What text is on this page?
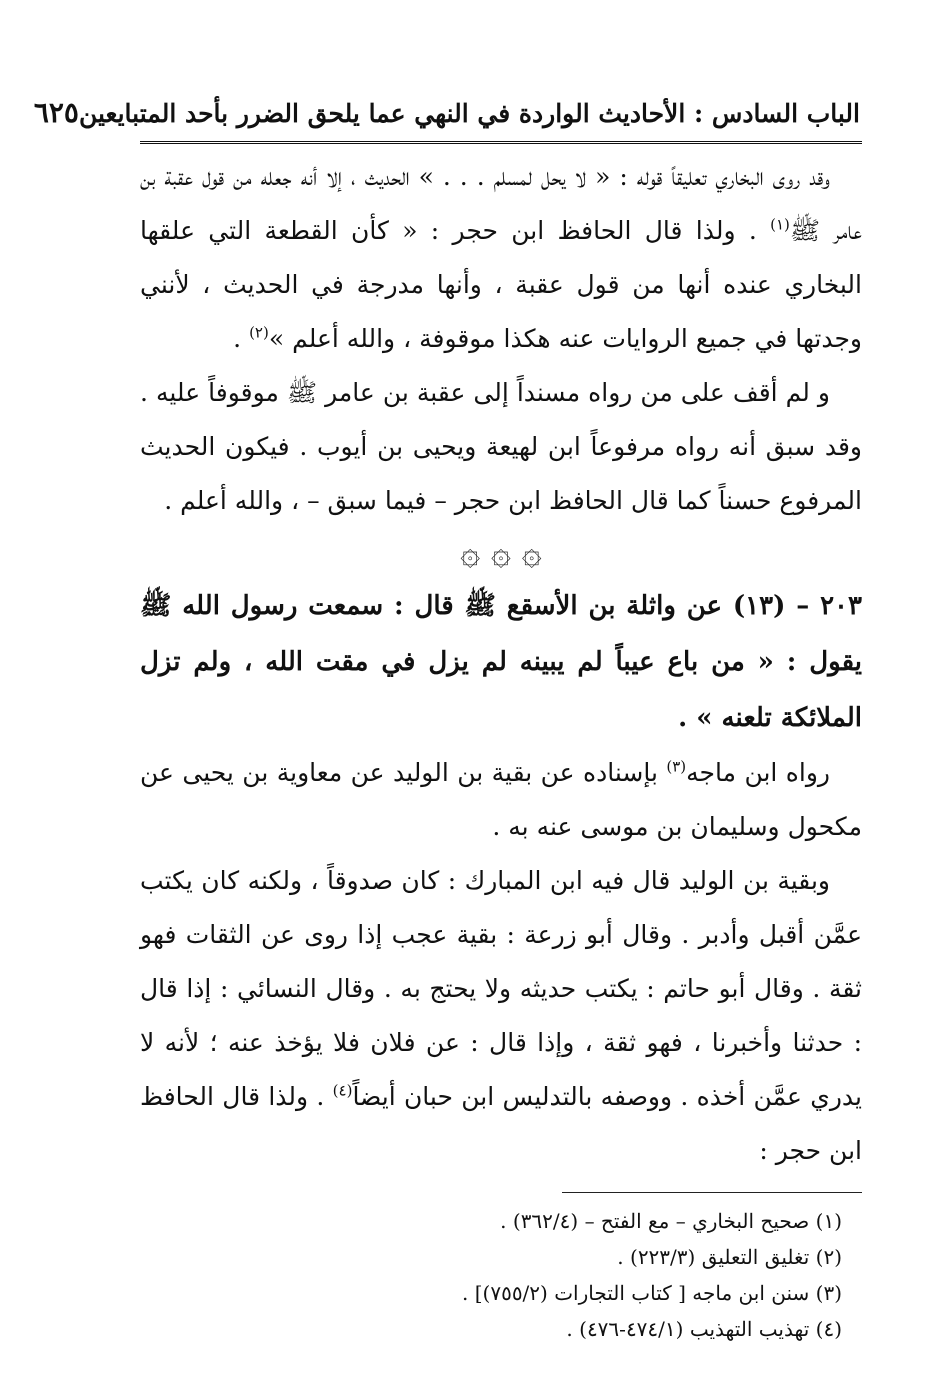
الباب السادس : الأحاديث الواردة في النهي عما يلحق الضرر بأحد المتبايعين
٦٢٥

وقد روى البخاري تعليقاً قوله : « لا يحل لمسلم . . . » الحديث ، إلا أنه جعله من قول عقبة بن عامر ﷺ$^{(١)}$ . ولذا قال الحافظ ابن حجر : « كأن القطعة التي علقها البخاري عنده أنها من قول عقبة ، وأنها مدرجة في الحديث ، لأنني وجدتها في جميع الروايات عنه هكذا موقوفة ، والله أعلم »$^{(٢)}$ .

و لم أقف على من رواه مسنداً إلى عقبة بن عامر ﷺ موقوفاً عليه . وقد سبق أنه رواه مرفوعاً ابن لهيعة ويحيى بن أيوب . فيكون الحديث المرفوع حسناً كما قال الحافظ ابن حجر – فيما سبق – ، والله أعلم .

۞ ۞ ۞

٢٠٣ – (١٣) عن واثلة بن الأسقع ﷺ قال : سمعت رسول الله ﷺ يقول : « من باع عيباً لم يبينه لم يزل في مقت الله ، ولم تزل الملائكة تلعنه » .

رواه ابن ماجه$^{(٣)}$ بإسناده عن بقية بن الوليد عن معاوية بن يحيى عن مكحول وسليمان بن موسى عنه به .

وبقية بن الوليد قال فيه ابن المبارك : كان صدوقاً ، ولكنه كان يكتب عمَّن أقبل وأدبر . وقال أبو زرعة : بقية عجب إذا روى عن الثقات فهو ثقة . وقال أبو حاتم : يكتب حديثه ولا يحتج به . وقال النسائي : إذا قال : حدثنا وأخبرنا ، فهو ثقة ، وإذا قال : عن فلان فلا يؤخذ عنه ؛ لأنه لا يدري عمَّن أخذه . ووصفه بالتدليس ابن حبان أيضاً$^{(٤)}$ . ولذا قال الحافظ ابن حجر :

(١) صحيح البخاري – مع الفتح – (٣٦٢/٤) .

(٢) تغليق التعليق (٢٢٣/٣) .

(٣) سنن ابن ماجه [ كتاب التجارات (٧٥٥/٢)] .

(٤) تهذيب التهذيب (٤٧٤/١-٤٧٦) .
